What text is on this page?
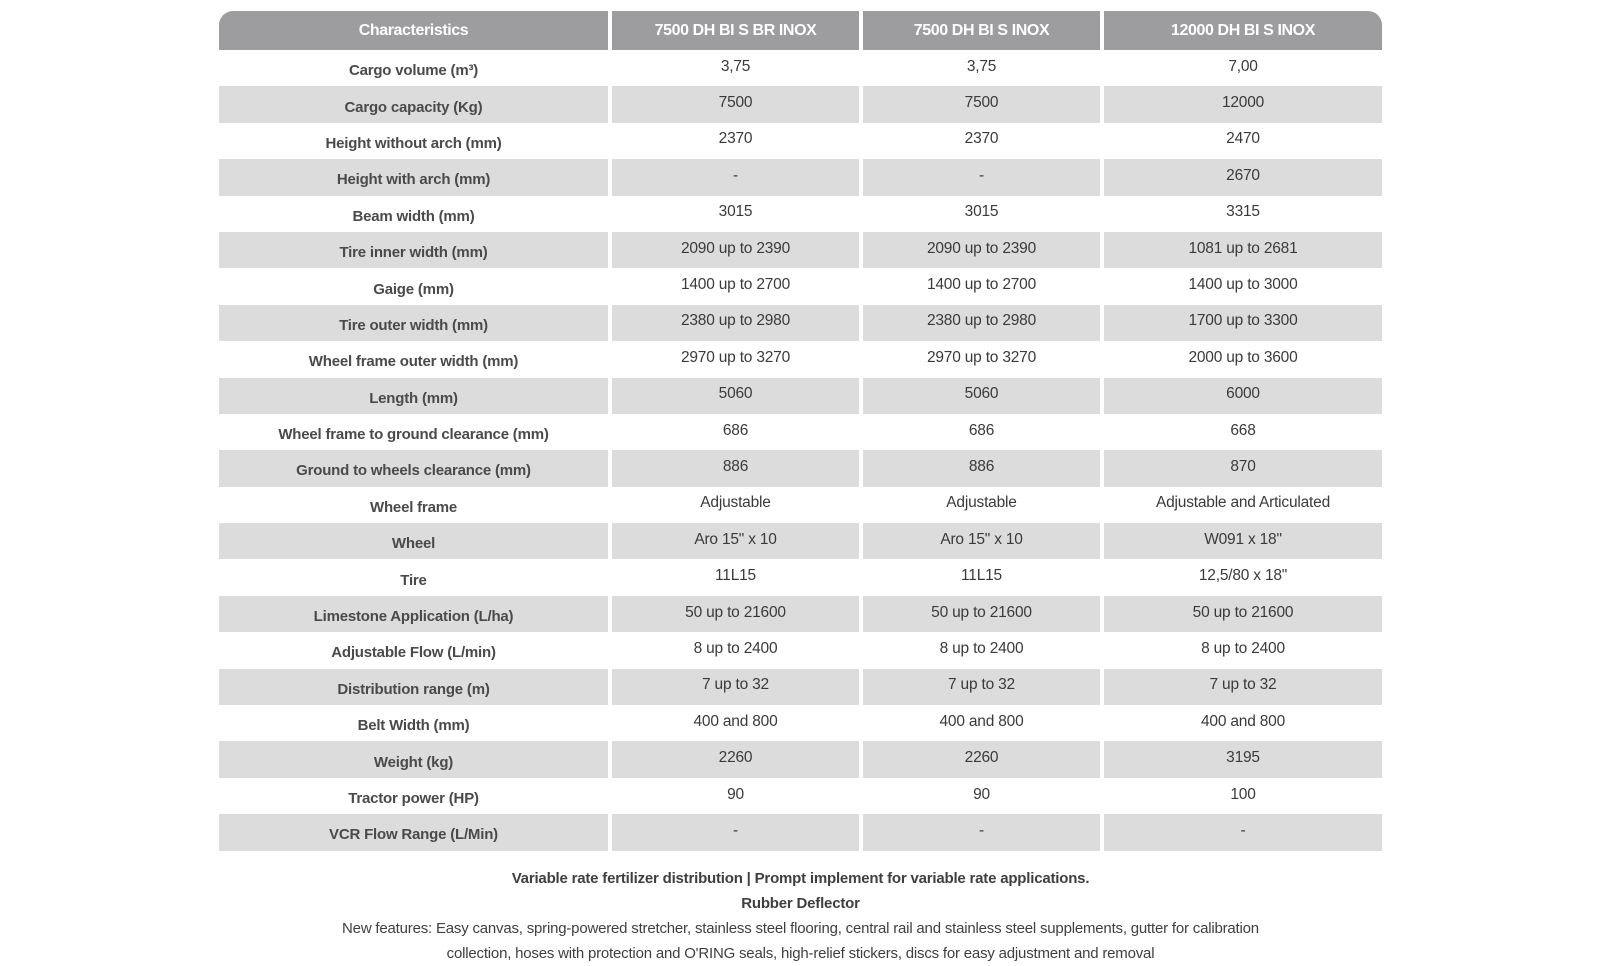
Characteristics	7500 DH BI S BR INOX	7500 DH BI S INOX	12000 DH BI S INOX
Cargo volume (m³)	3,75	3,75	7,00
Cargo capacity (Kg)	7500	7500	12000
Height without arch (mm)	2370	2370	2470
Height with arch (mm)	-	-	2670
Beam width (mm)	3015	3015	3315
Tire inner width (mm)	2090 up to 2390	2090 up to 2390	1081 up to 2681
Gaige (mm)	1400 up to 2700	1400 up to 2700	1400 up to 3000
Tire outer width (mm)	2380 up to 2980	2380 up to 2980	1700 up to 3300
Wheel frame outer width (mm)	2970 up to 3270	2970 up to 3270	2000 up to 3600
Length (mm)	5060	5060	6000
Wheel frame to ground clearance (mm)	686	686	668
Ground to wheels clearance (mm)	886	886	870
Wheel frame	Adjustable	Adjustable	Adjustable and Articulated
Wheel	Aro 15" x 10	Aro 15" x 10	W091 x 18"
Tire	11L15	11L15	12,5/80 x 18"
Limestone Application (L/ha)	50 up to 21600	50 up to 21600	50 up to 21600
Adjustable Flow (L/min)	8 up to 2400	8 up to 2400	8 up to 2400
Distribution range (m)	7 up to 32	7 up to 32	7 up to 32
Belt Width (mm)	400 and 800	400 and 800	400 and 800
Weight (kg)	2260	2260	3195
Tractor power (HP)	90	90	100
VCR Flow Range (L/Min)	-	-	-
Variable rate fertilizer distribution | Prompt implement for variable rate applications.
Rubber Deflector
New features: Easy canvas, spring-powered stretcher, stainless steel flooring, central rail and stainless steel supplements, gutter for calibration collection, hoses with protection and O'RING seals, high-relief stickers, discs for easy adjustment and removal
